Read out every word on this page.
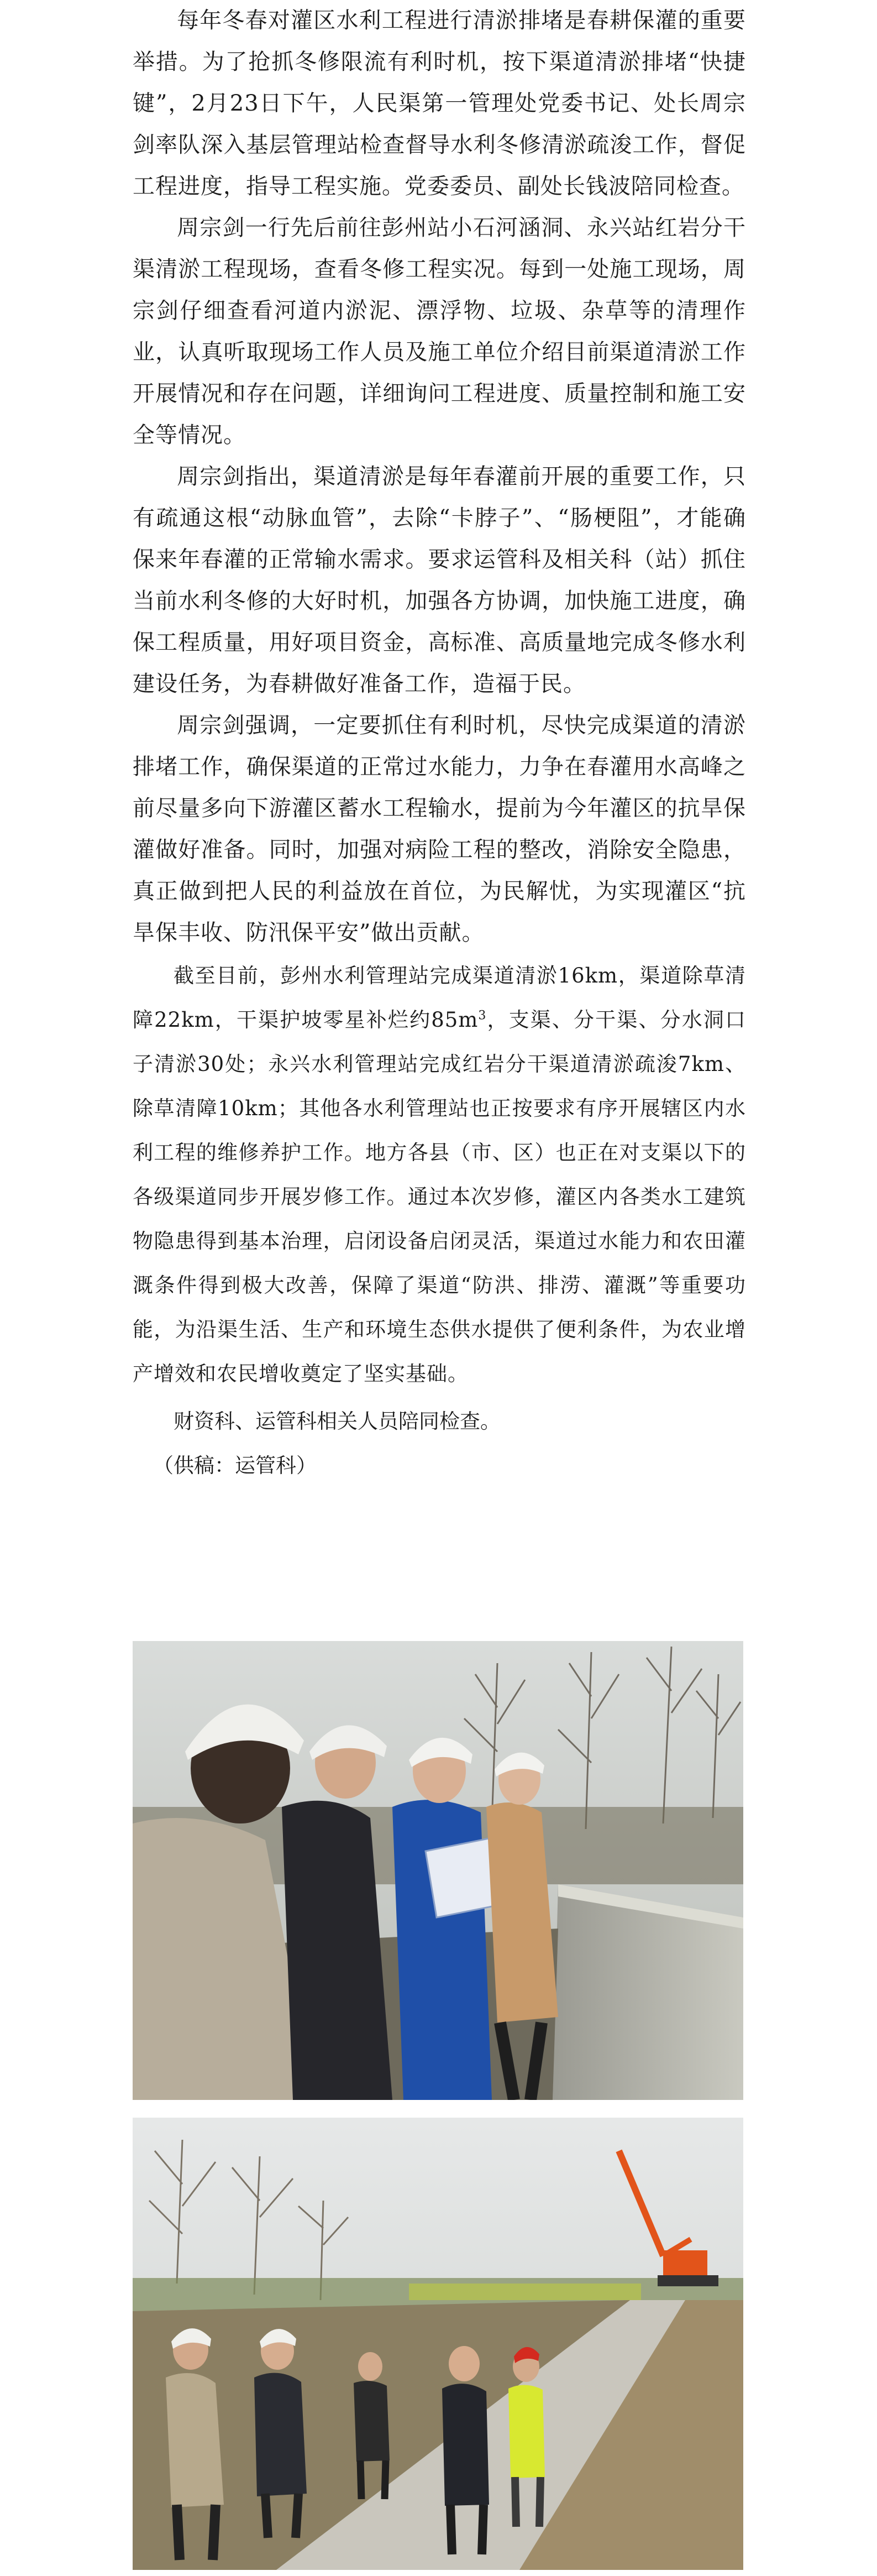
每年冬春对灌区水利工程进行清淤排堵是春耕保灌的重要举措。为了抢抓冬修限流有利时机，按下渠道清淤排堵“快捷键”，2月23日下午，人民渠第一管理处党委书记、处长周宗剑率队深入基层管理站检查督导水利冬修清淤疏浚工作，督促工程进度，指导工程实施。党委委员、副处长钱波陪同检查。

周宗剑一行先后前往彭州站小石河涵洞、永兴站红岩分干渠清淤工程现场，查看冬修工程实况。每到一处施工现场，周宗剑仔细查看河道内淤泥、漂浮物、垃圾、杂草等的清理作业，认真听取现场工作人员及施工单位介绍目前渠道清淤工作开展情况和存在问题，详细询问工程进度、质量控制和施工安全等情况。

周宗剑指出，渠道清淤是每年春灌前开展的重要工作，只有疏通这根“动脉血管”，去除“卡脖子”、“肠梗阻”，才能确保来年春灌的正常输水需求。要求运管科及相关科（站）抓住当前水利冬修的大好时机，加强各方协调，加快施工进度，确保工程质量，用好项目资金，高标准、高质量地完成冬修水利建设任务，为春耕做好准备工作，造福于民。

周宗剑强调，一定要抓住有利时机，尽快完成渠道的清淤排堵工作，确保渠道的正常过水能力，力争在春灌用水高峰之前尽量多向下游灌区蓄水工程输水，提前为今年灌区的抗旱保灌做好准备。同时，加强对病险工程的整改，消除安全隐患，真正做到把人民的利益放在首位，为民解忧，为实现灌区“抗旱保丰收、防汛保平安”做出贡献。

截至目前，彭州水利管理站完成渠道清淤16km，渠道除草清障22km，干渠护坡零星补烂约$85m^3$，支渠、分干渠、分水洞口子清淤30处；永兴水利管理站完成红岩分干渠道清淤疏浚7km、除草清障10km；其他各水利管理站也正按要求有序开展辖区内水利工程的维修养护工作。地方各县（市、区）也正在对支渠以下的各级渠道同步开展岁修工作。通过本次岁修，灌区内各类水工建筑物隐患得到基本治理，启闭设备启闭灵活，渠道过水能力和农田灌溉条件得到极大改善，保障了渠道“防洪、排涝、灌溉”等重要功能，为沿渠生活、生产和环境生态供水提供了便利条件，为农业增产增效和农民增收奠定了坚实基础。

财资科、运管科相关人员陪同检查。

（供稿：运管科）
